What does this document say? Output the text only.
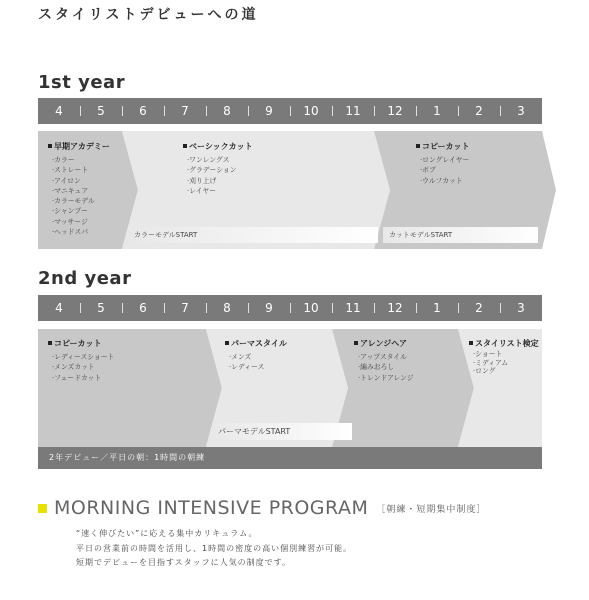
スタイリストデビューへの道
1st year
4	5	6	7	8	9	10	11	12	1	2	3
早期アカデミー
·カラー
·ストレート
·アイロン
·マニキュア
·カラーモデル
·シャンプー
·マッサージ
·ヘッドスパ
ベーシックカット
·ワンレングス
·グラデーション
·刈り上げ
·レイヤー
コピーカット
·ロングレイヤー
·ボブ
·ウルフカット
カラーモデルSTART	カットモデルSTART
2nd year
4	5	6	7	8	9	10	11	12	1	2	3
コピーカット
·レディースショート
·メンズカット
·フェードカット
パーマスタイル
·メンズ
·レディース
アレンジヘア
·アップスタイル
·編みおろし
·トレンドアレンジ
スタイリスト検定
·ショート
·ミディアム
·ロング
パーマモデルSTART
2年デビュー／平日の朝：1時間の朝練
MORNING INTENSIVE PROGRAM ［朝練・短期集中制度］

“速く伸びたい”に応える集中カリキュラム。

平日の営業前の時間を活用し、1時間の密度の高い個別練習が可能。

短期でデビューを目指すスタッフに人気の制度です。
